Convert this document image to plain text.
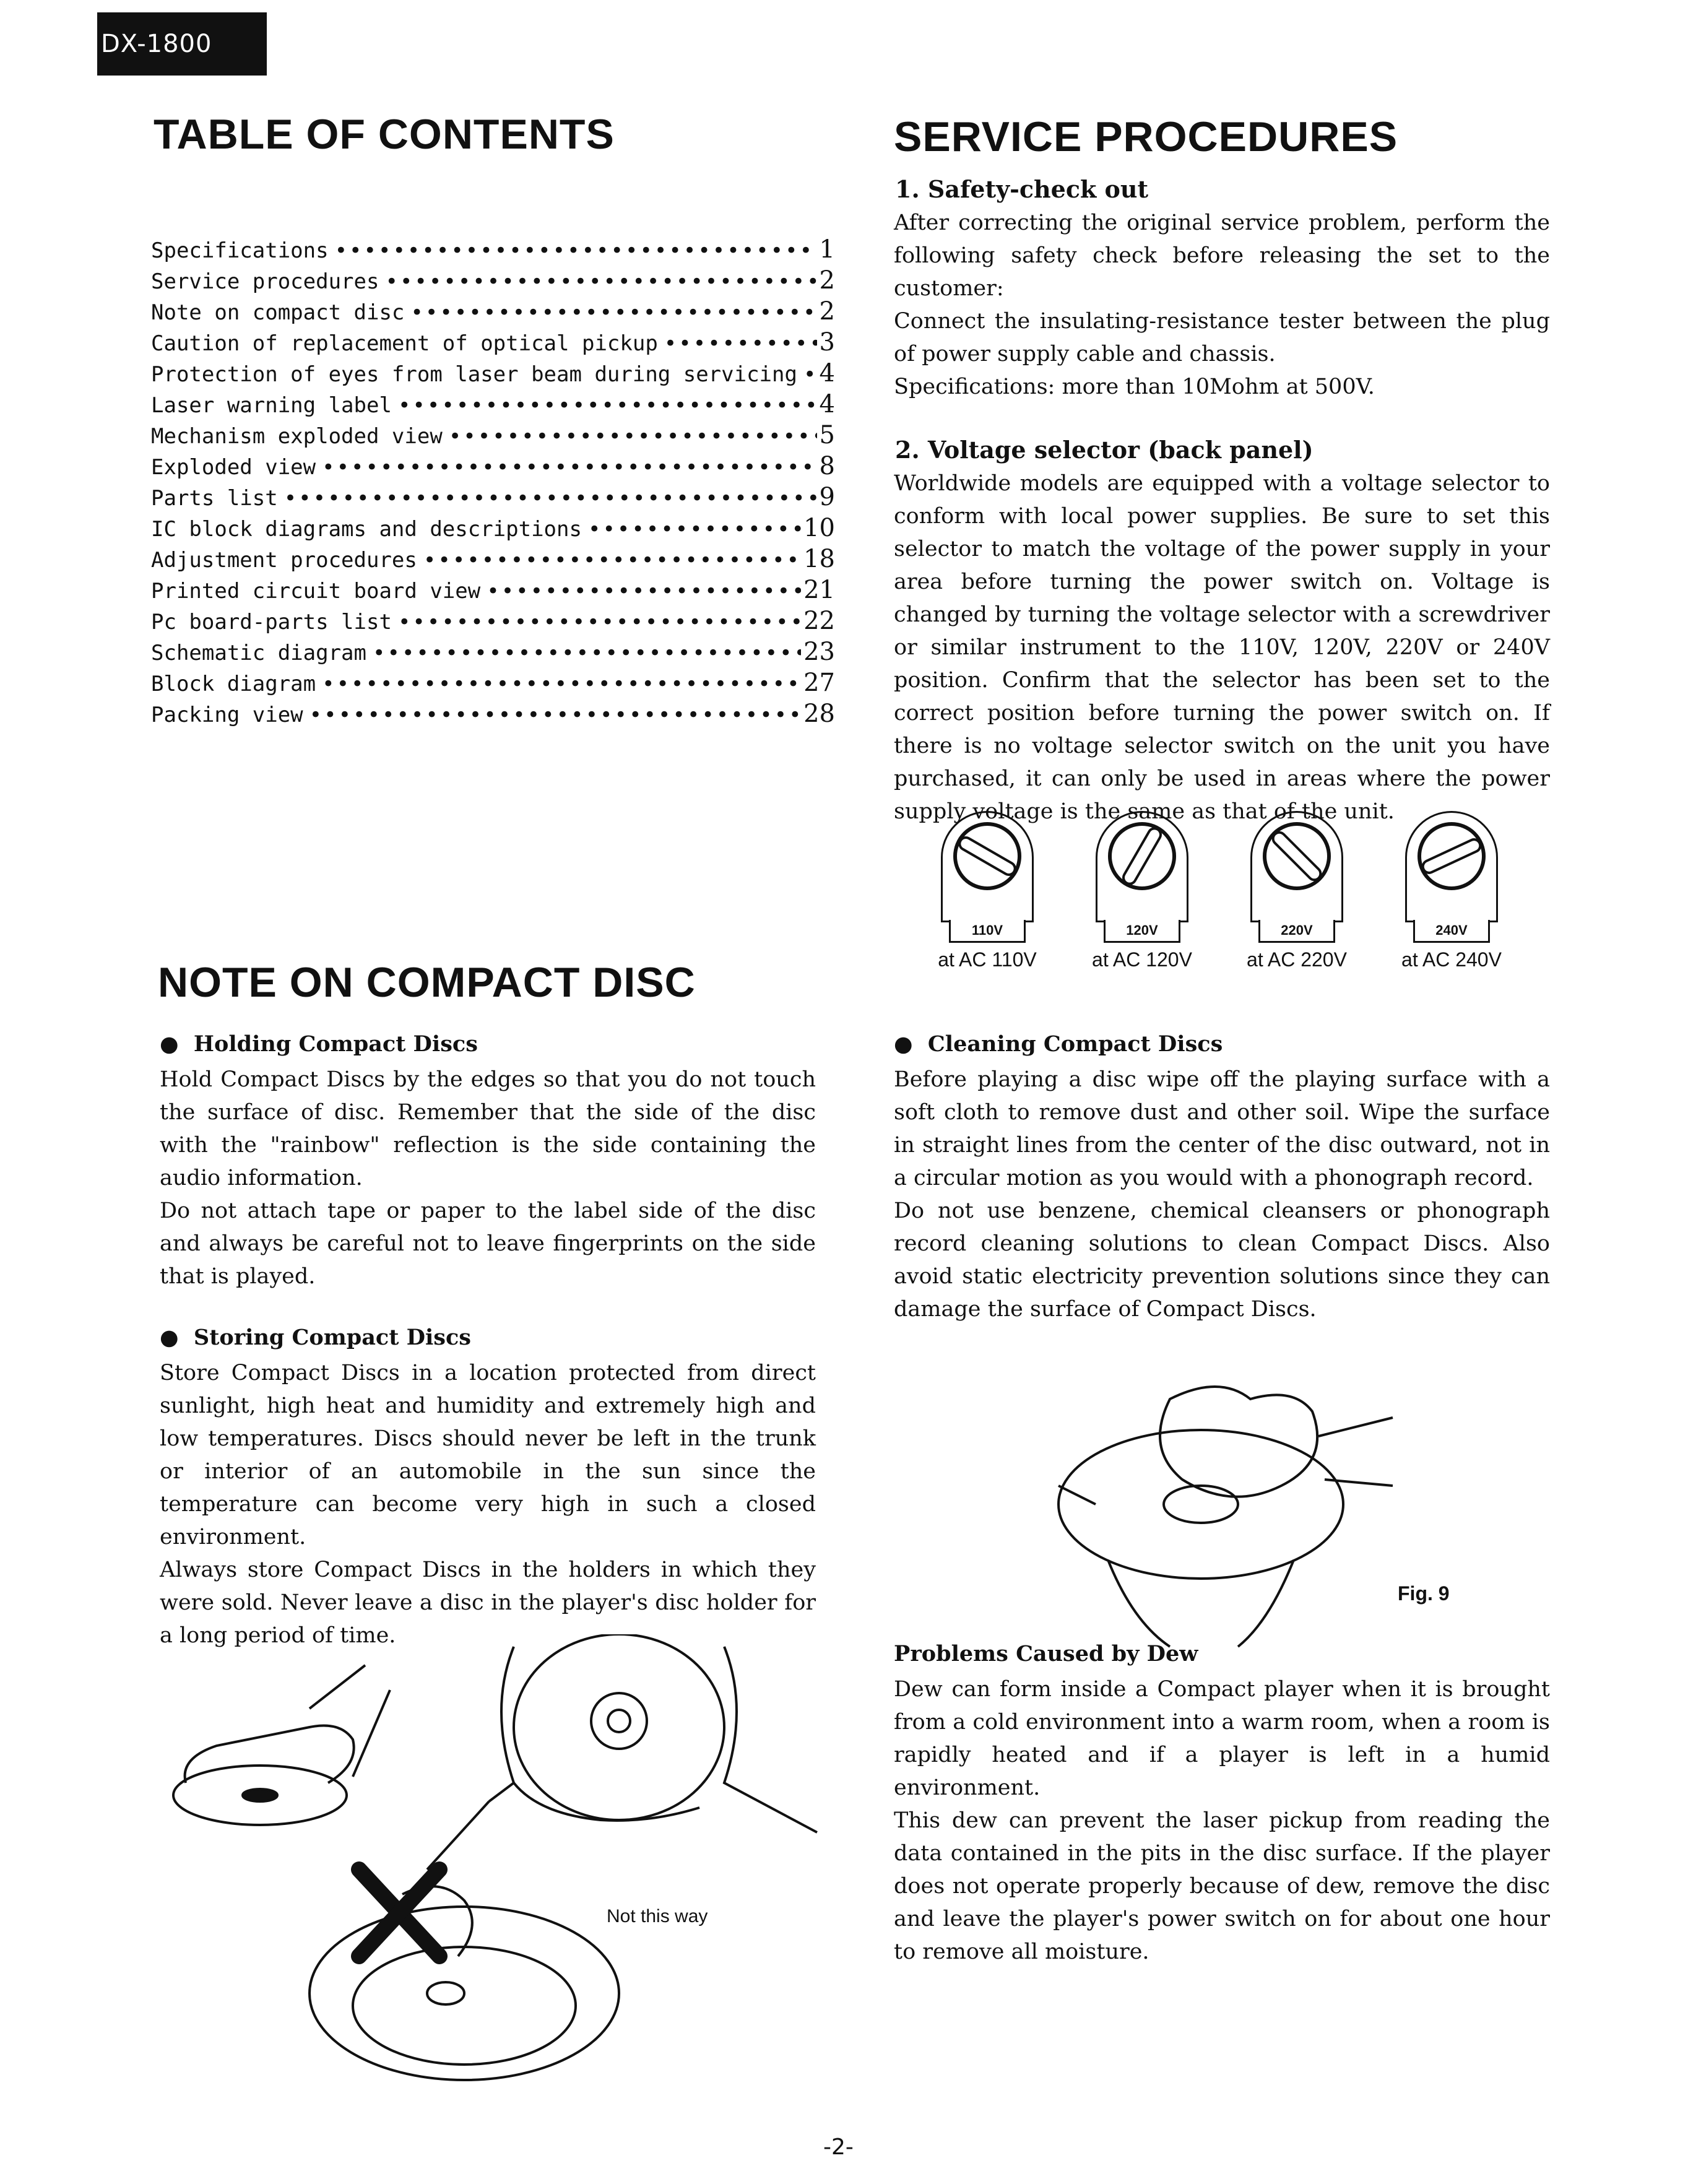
DX-1800
TABLE OF CONTENTS
Specifications •••••	1
Service procedures •••••	2
Note on compact disc •••••	2
Caution of replacement of optical pickup •••••	3
Protection of eyes from laser beam during servicing ••••• 4
Laser warning label •••••	4
Mechanism exploded view •••••	5
Exploded view •••••	8
Parts list •••••	9
IC block diagrams and descriptions •••••	10
Adjustment procedures •••••	18
Printed circuit board view •••••	21
Pc board-parts list •••••	22
Schematic diagram •••••	23
Block diagram •••••	27
Packing view •••••	28
SERVICE PROCEDURES
1. Safety-check out

After correcting the original service problem, perform the following safety check before releasing the set to the customer:

Connect the insulating-resistance tester between the plug of power supply cable and chassis.

Specifications: more than 10Mohm at 500V.

2. Voltage selector (back panel)
Worldwide models are equipped with a voltage selector to conform with local power supplies. Be sure to set this selector to match the voltage of the power supply in your area before turning the power switch on. Voltage is changed by turning the voltage selector with a screwdriver or similar instrument to the 110V, 120V, 220V or 240V position. Confirm that the selector has been set to the correct position before turning the power switch on. If there is no voltage selector switch on the unit you have purchased, it can only be used in areas where the power supply voltage is the same as that of the unit.
110V	120V	220V	240V
at AC 110V	at AC 120V	at AC 220V	at AC 240V
NOTE ON COMPACT DISC
●  Holding Compact Discs

Hold Compact Discs by the edges so that you do not touch the surface of disc. Remember that the side of the disc with the "rainbow" reflection is the side containing the audio information.

Do not attach tape or paper to the label side of the disc and always be careful not to leave fingerprints on the side that is played.

●  Storing Compact Discs

Store Compact Discs in a location protected from direct sunlight, high heat and humidity and extremely high and low temperatures. Discs should never be left in the trunk or interior of an automobile in the sun since the temperature can become very high in such a closed environment.

Always store Compact Discs in the holders in which they were sold. Never leave a disc in the player's disc holder for a long period of time.

Not this way
●  Cleaning Compact Discs

Before playing a disc wipe off the playing surface with a soft cloth to remove dust and other soil. Wipe the surface in straight lines from the center of the disc outward, not in a circular motion as you would with a phonograph record.

Do not use benzene, chemical cleansers or phonograph record cleaning solutions to clean Compact Discs. Also avoid static electricity prevention solutions since they can damage the surface of Compact Discs.

Fig. 9
Problems Caused by Dew

Dew can form inside a Compact player when it is brought from a cold environment into a warm room, when a room is rapidly heated and if a player is left in a humid environment.

This dew can prevent the laser pickup from reading the data contained in the pits in the disc surface. If the player does not operate properly because of dew, remove the disc and leave the player's power switch on for about one hour to remove all moisture.

-2-
